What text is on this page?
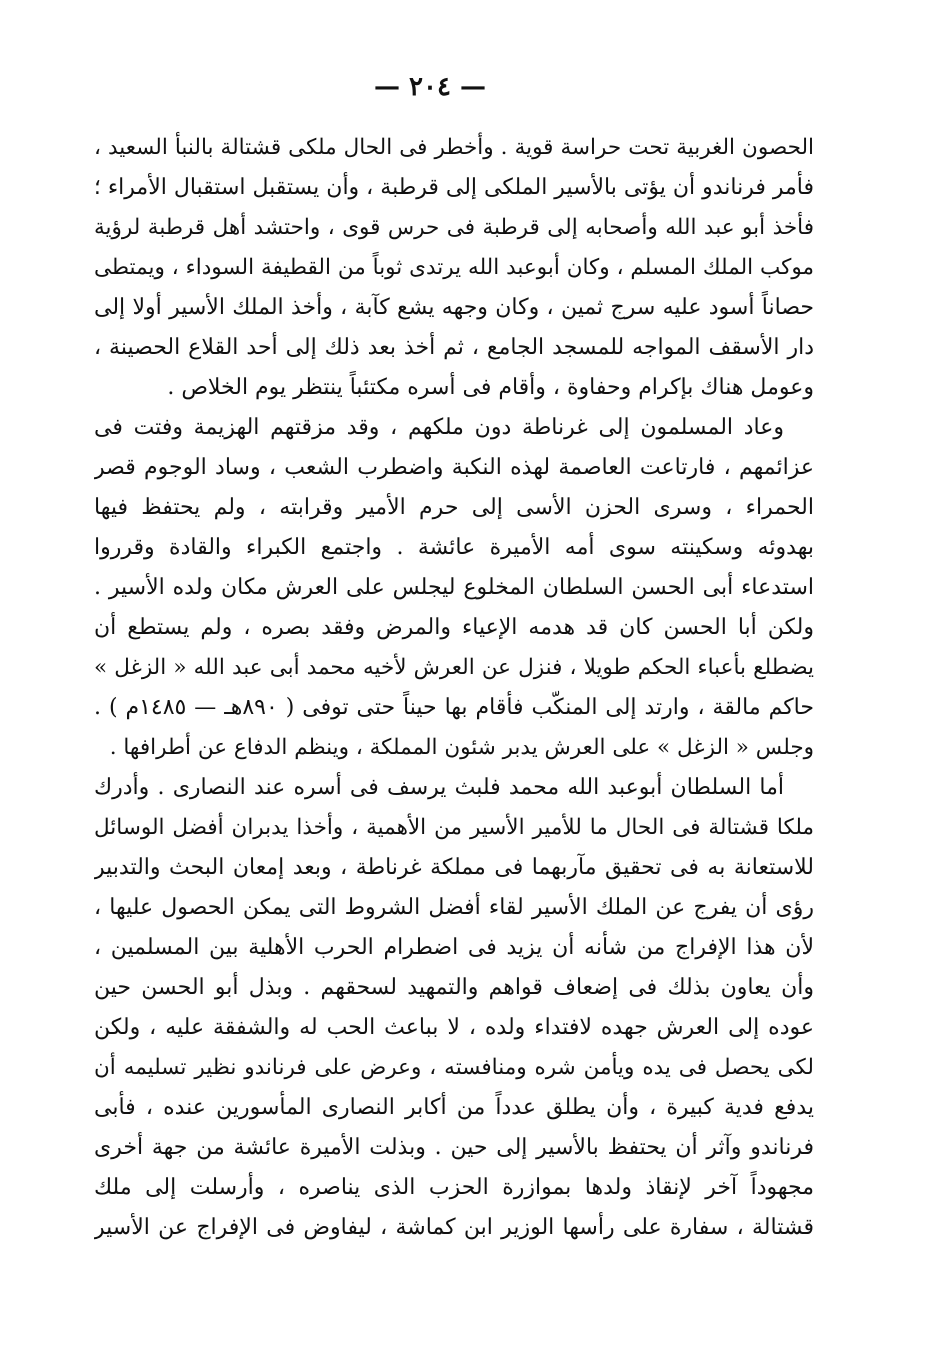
— ٢٠٤ —
الحصون الغربية تحت حراسة قوية . وأخطر فى الحال ملكى قشتالة بالنبأ السعيد ،
فأمر فرناندو أن يؤتى بالأسير الملكى إلى قرطبة ، وأن يستقبل استقبال الأمراء ؛
فأخذ أبو عبد الله وأصحابه إلى قرطبة فى حرس قوى ، واحتشد أهل قرطبة لرؤية
موكب الملك المسلم ، وكان أبوعبد الله يرتدى ثوباً من القطيفة السوداء ، ويمتطى
حصاناً أسود عليه سرج ثمين ، وكان وجهه يشع كآبة ، وأخذ الملك الأسير أولا إلى
دار الأسقف المواجه للمسجد الجامع ، ثم أخذ بعد ذلك إلى أحد القلاع الحصينة ،
وعومل هناك بإكرام وحفاوة ، وأقام فى أسره مكتئباً ينتظر يوم الخلاص .
وعاد المسلمون إلى غرناطة دون ملكهم ، وقد مزقتهم الهزيمة وفتت فى
عزائمهم ، فارتاعت العاصمة لهذه النكبة واضطرب الشعب ، وساد الوجوم قصر
الحمراء ، وسرى الحزن الأسى إلى حرم الأمير وقرابته ، ولم يحتفظ فيها
بهدوئه وسكينته سوى أمه الأميرة عائشة . واجتمع الكبراء والقادة وقرروا
استدعاء أبى الحسن السلطان المخلوع ليجلس على العرش مكان ولده الأسير .
ولكن أبا الحسن كان قد هدمه الإعياء والمرض وفقد بصره ، ولم يستطع أن
يضطلع بأعباء الحكم طويلا ، فنزل عن العرش لأخيه محمد أبى عبد الله « الزغل »
حاكم مالقة ، وارتد إلى المنكّب فأقام بها حيناً حتى توفى ( ٨٩٠هـ — ١٤٨٥م ) .
وجلس « الزغل » على العرش يدبر شئون المملكة ، وينظم الدفاع عن أطرافها .
أما السلطان أبوعبد الله محمد فلبث يرسف فى أسره عند النصارى . وأدرك
ملكا قشتالة فى الحال ما للأمير الأسير من الأهمية ، وأخذا يدبران أفضل الوسائل
للاستعانة به فى تحقيق مآربهما فى مملكة غرناطة ، وبعد إمعان البحث والتدبير
رؤى أن يفرج عن الملك الأسير لقاء أفضل الشروط التى يمكن الحصول عليها ،
لأن هذا الإفراج من شأنه أن يزيد فى اضطرام الحرب الأهلية بين المسلمين ،
وأن يعاون بذلك فى إضعاف قواهم والتمهيد لسحقهم . وبذل أبو الحسن حين
عوده إلى العرش جهده لافتداء ولده ، لا بباعث الحب له والشفقة عليه ، ولكن
لكى يحصل فى يده ويأمن شره ومنافسته ، وعرض على فرناندو نظير تسليمه أن
يدفع فدية كبيرة ، وأن يطلق عدداً من أكابر النصارى المأسورين عنده ، فأبى
فرناندو وآثر أن يحتفظ بالأسير إلى حين . وبذلت الأميرة عائشة من جهة أخرى
مجهوداً آخر لإنقاذ ولدها بموازرة الحزب الذى يناصره ، وأرسلت إلى ملك
قشتالة ، سفارة على رأسها الوزير ابن كماشة ، ليفاوض فى الإفراج عن الأسير
